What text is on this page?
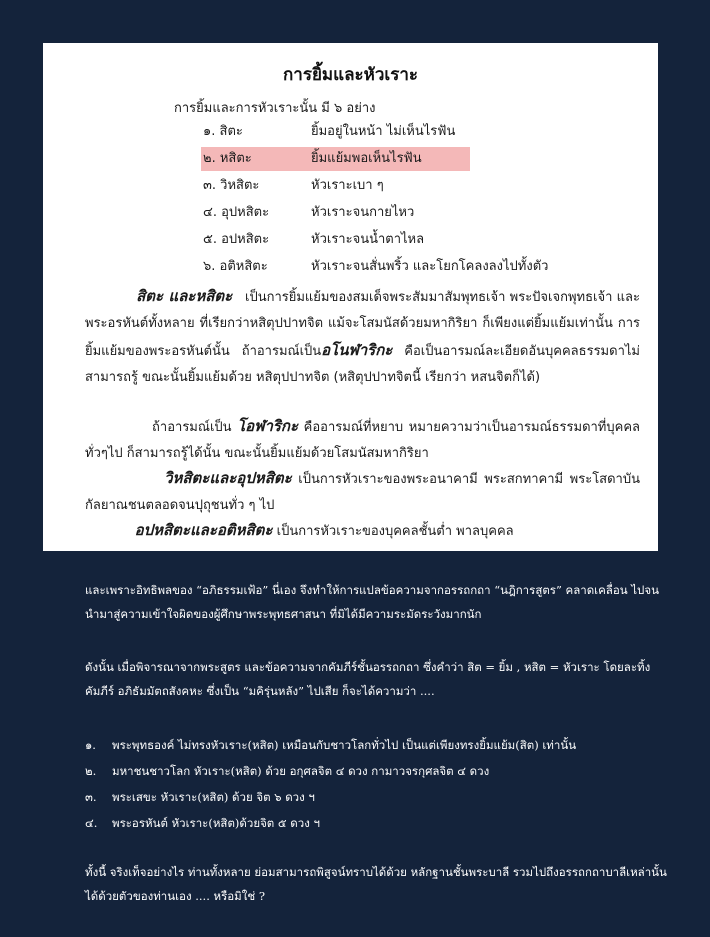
การยิ้มและหัวเราะ
การยิ้มและการหัวเราะนั้น มี ๖ อย่าง
๑. สิตะ	ยิ้มอยู่ในหน้า ไม่เห็นไรฟัน
๒. หสิตะ	ยิ้มแย้มพอเห็นไรฟัน
๓. วิหสิตะ	หัวเราะเบา ๆ
๔. อุปหสิตะ	หัวเราะจนกายไหว
๕. อปหสิตะ	หัวเราะจนน้ำตาไหล
๖. อติหสิตะ	หัวเราะจนสั่นพริ้ว และโยกโคลงลงไปทั้งตัว
สิตะ และหสิตะ เป็นการยิ้มแย้มของสมเด็จพระสัมมาสัมพุทธเจ้า พระปัจเจกพุทธเจ้า และพระอรหันต์ทั้งหลาย ที่เรียกว่าหสิตุปปาทจิต แม้จะโสมนัสด้วยมหากิริยา ก็เพียงแต่ยิ้มแย้มเท่านั้น การยิ้มแย้มของพระอรหันต์นั้น ถ้าอารมณ์เป็นอโนฬาริกะ คือเป็นอารมณ์ละเอียดอันบุคคลธรรมดาไม่สามารถรู้ ขณะนั้นยิ้มแย้มด้วย หสิตุปปาทจิต (หสิตุปปาทจิตนี้ เรียกว่า หสนจิตก็ได้)
ถ้าอารมณ์เป็น โอฬาริกะ คืออารมณ์ที่หยาบ หมายความว่าเป็นอารมณ์ธรรมดาที่บุคคลทั่วๆไป ก็สามารถรู้ได้นั้น ขณะนั้นยิ้มแย้มด้วยโสมนัสมหากิริยา
วิหสิตะและอุปหสิตะ เป็นการหัวเราะของพระอนาคามี พระสกทาคามี พระโสดาบัน กัลยาณชนตลอดจนปุถุชนทั่ว ๆ ไป
อปหสิตะและอติหสิตะ เป็นการหัวเราะของบุคคลชั้นต่ำ พาลบุคคล
และเพราะอิทธิพลของ “อภิธรรมเฟ้อ” นี่เอง จึงทำให้การแปลข้อความจากอรรถกถา “นฎิการสูตร” คลาดเคลื่อน ไปจนนำมาสู่ความเข้าใจผิดของผู้ศึกษาพระพุทธศาสนา ที่มิได้มีความระมัดระวังมากนัก
ดังนั้น เมื่อพิจารณาจากพระสูตร และข้อความจากคัมภีร์ชั้นอรรถกถา ซึ่งคำว่า สิต = ยิ้ม , หสิต = หัวเราะ โดยละทิ้งคัมภีร์ อภิธัมมัตถสังคหะ ซึ่งเป็น “มคิรุ่นหลัง” ไปเสีย ก็จะได้ความว่า ....
๑. พระพุทธองค์ ไม่ทรงหัวเราะ(หสิต) เหมือนกับชาวโลกทั่วไป เป็นแต่เพียงทรงยิ้มแย้ม(สิต) เท่านั้น
๒. มหาชนชาวโลก หัวเราะ(หสิต) ด้วย อกุศลจิต ๔ ดวง กามาวจรกุศลจิต ๔ ดวง
๓. พระเสขะ หัวเราะ(หสิต) ด้วย จิต ๖ ดวง ฯ
๔. พระอรหันต์ หัวเราะ(หสิต)ด้วยจิต ๕ ดวง ฯ
ทั้งนี้ จริงเท็จอย่างไร ท่านทั้งหลาย ย่อมสามารถพิสูจน์ทราบได้ด้วย หลักฐานชั้นพระบาลี รวมไปถึงอรรถกถาบาลีเหล่านั้น ได้ด้วยตัวของท่านเอง .... หรือมิใช่ ?
